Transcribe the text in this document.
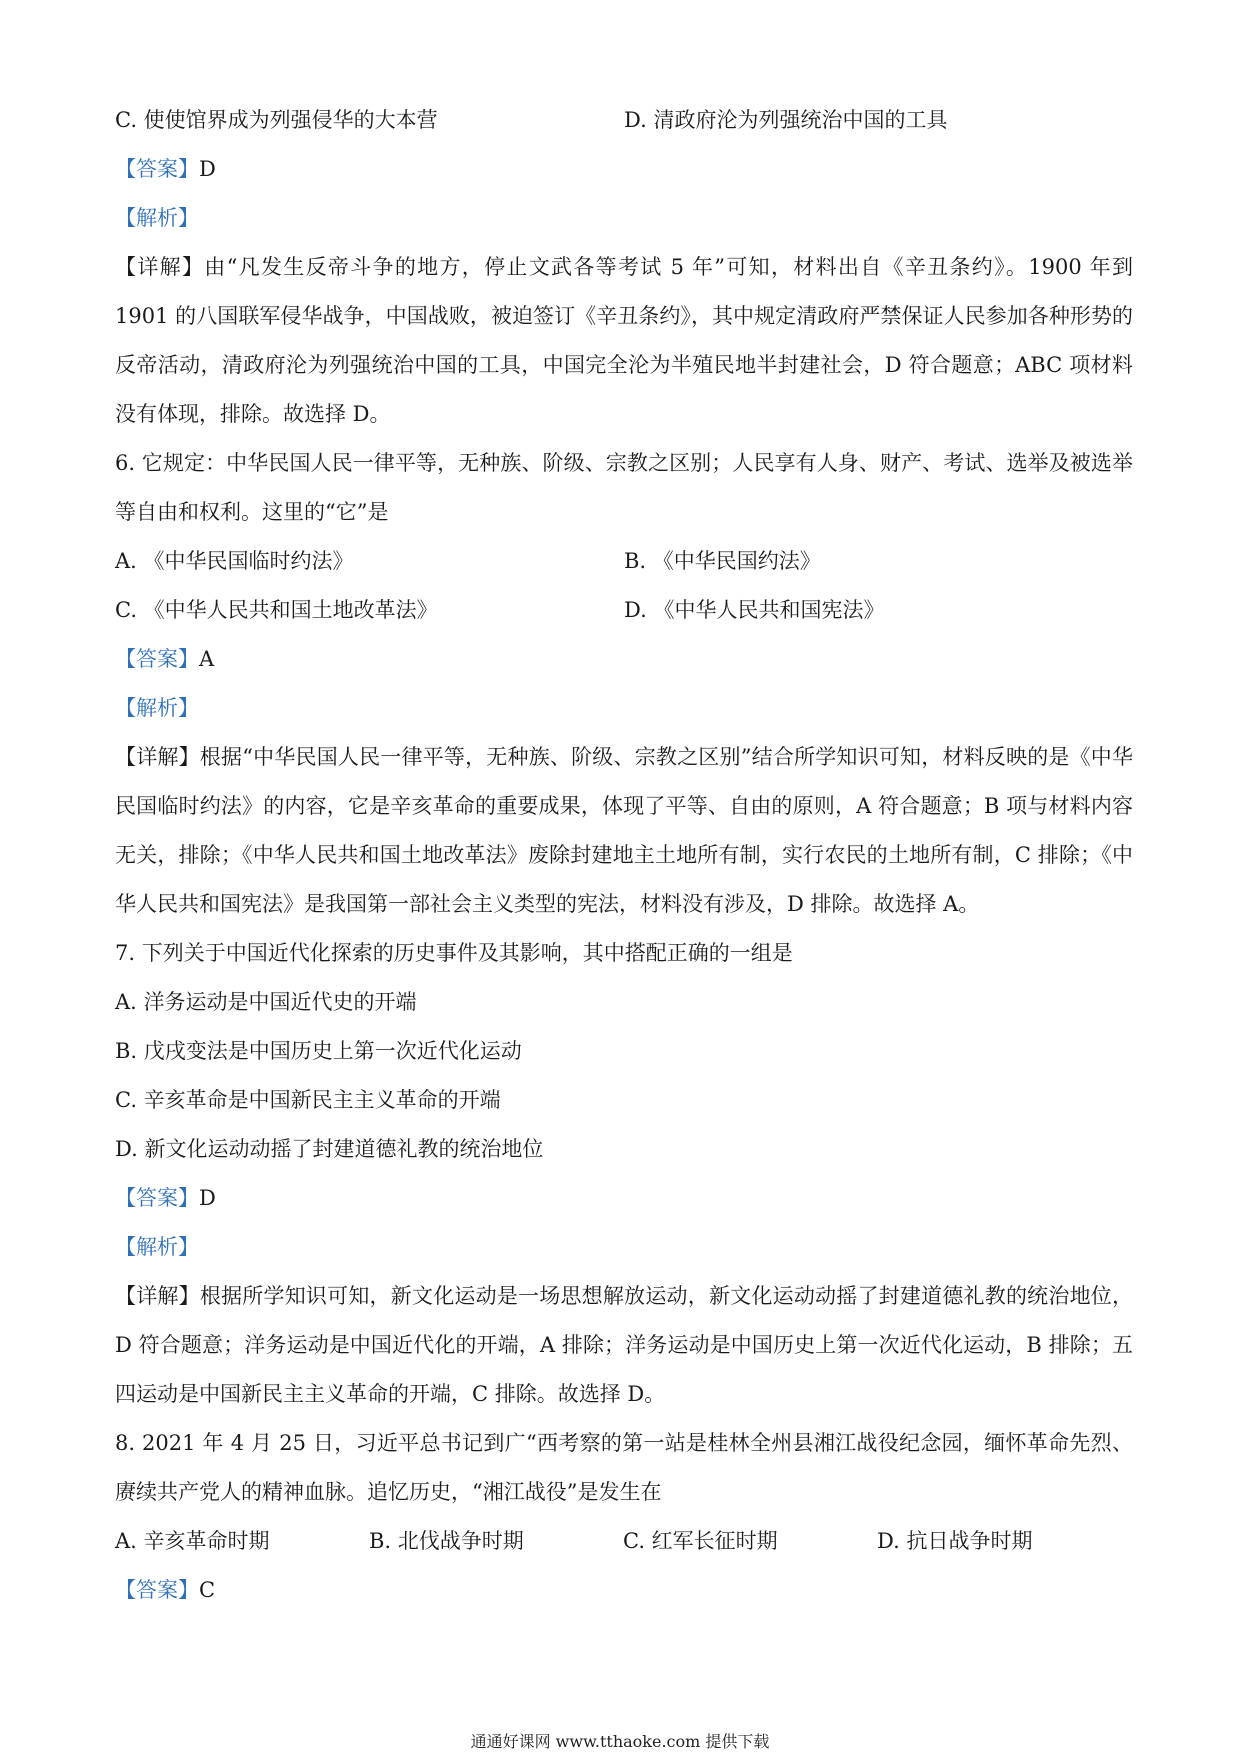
C. 使使馆界成为列强侵华的大本营	D. 清政府沦为列强统治中国的工具
【答案】D
【解析】

【详解】由“凡发生反帝斗争的地方，停止文武各等考试 5 年”可知，材料出自《辛丑条约》。1900 年到 1901 的八国联军侵华战争，中国战败，被迫签订《辛丑条约》，其中规定清政府严禁保证人民参加各种形势的反帝活动，清政府沦为列强统治中国的工具，中国完全沦为半殖民地半封建社会，D 符合题意；ABC 项材料没有体现，排除。故选择 D。

6. 它规定：中华民国人民一律平等，无种族、阶级、宗教之区别；人民享有人身、财产、考试、选举及被选举等自由和权利。这里的“它”是

A. 《中华民国临时约法》	B. 《中华民国约法》
C. 《中华人民共和国土地改革法》	D. 《中华人民共和国宪法》
【答案】A
【解析】

【详解】根据“中华民国人民一律平等，无种族、阶级、宗教之区别”结合所学知识可知，材料反映的是《中华民国临时约法》的内容，它是辛亥革命的重要成果，体现了平等、自由的原则，A 符合题意；B 项与材料内容无关，排除；《中华人民共和国土地改革法》废除封建地主土地所有制，实行农民的土地所有制，C 排除；《中华人民共和国宪法》是我国第一部社会主义类型的宪法，材料没有涉及，D 排除。故选择 A。

7. 下列关于中国近代化探索的历史事件及其影响，其中搭配正确的一组是
A. 洋务运动是中国近代史的开端
B. 戊戌变法是中国历史上第一次近代化运动
C. 辛亥革命是中国新民主主义革命的开端
D. 新文化运动动摇了封建道德礼教的统治地位
【答案】D
【解析】

【详解】根据所学知识可知，新文化运动是一场思想解放运动，新文化运动动摇了封建道德礼教的统治地位，D 符合题意；洋务运动是中国近代化的开端，A 排除；洋务运动是中国历史上第一次近代化运动，B 排除；五四运动是中国新民主主义革命的开端，C 排除。故选择 D。

8. 2021 年 4 月 25 日，习近平总书记到广“西考察的第一站是桂林全州县湘江战役纪念园，缅怀革命先烈、赓续共产党人的精神血脉。追忆历史，“湘江战役”是发生在

A. 辛亥革命时期	B. 北伐战争时期	C. 红军长征时期	D. 抗日战争时期
【答案】C
通通好课网 www.tthaoke.com 提供下载
